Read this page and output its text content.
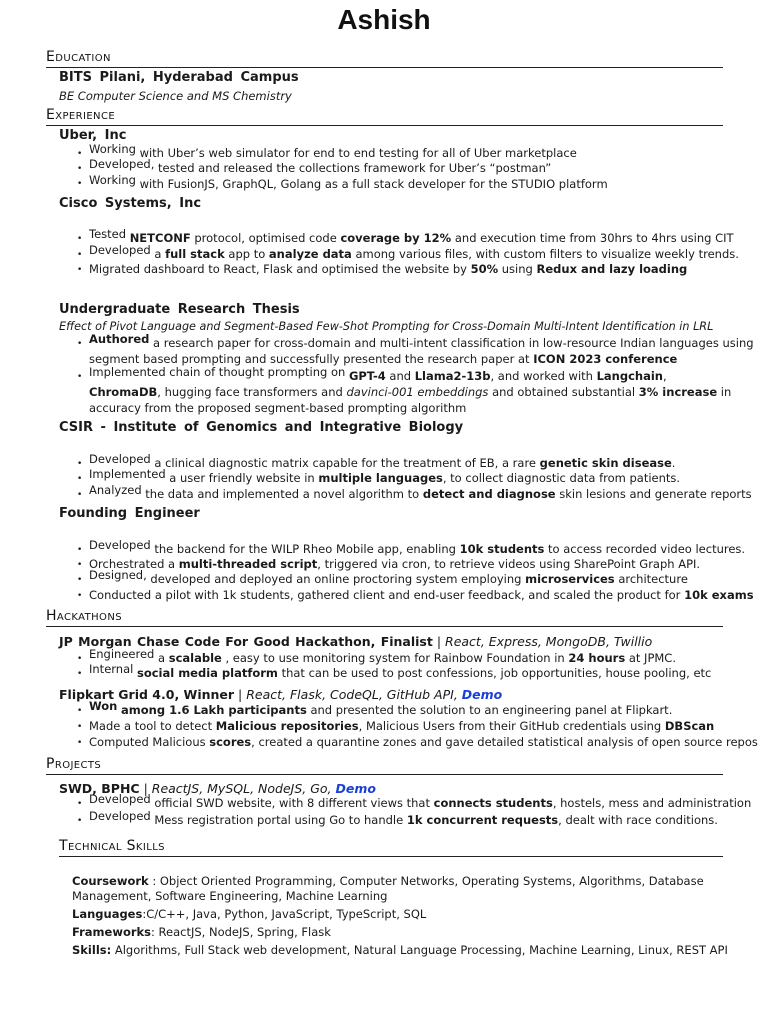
Ashish
Education
BITS Pilani, Hyderabad Campus
BE Computer Science and MS Chemistry
Experience
Uber, Inc
• Working with Uber’s web simulator for end to end testing for all of Uber marketplace
• Developed, tested and released the collections framework for Uber’s “postman”
• Working with FusionJS, GraphQL, Golang as a full stack developer for the STUDIO platform
Cisco Systems, Inc
• Tested NETCONF protocol, optimised code coverage by 12% and execution time from 30hrs to 4hrs using CIT
• Developed a full stack app to analyze data among various files, with custom filters to visualize weekly trends.
• Migrated dashboard to React, Flask and optimised the website by 50% using Redux and lazy loading
Undergraduate Research Thesis
Effect of Pivot Language and Segment-Based Few-Shot Prompting for Cross-Domain Multi-Intent Identification in LRL
• Authored a research paper for cross-domain and multi-intent classification in low-resource Indian languages using
segment based prompting and successfully presented the research paper at ICON 2023 conference
• Implemented chain of thought prompting on GPT-4 and Llama2-13b, and worked with Langchain,
ChromaDB, hugging face transformers and davinci-001 embeddings and obtained substantial 3% increase in
accuracy from the proposed segment-based prompting algorithm
CSIR - Institute of Genomics and Integrative Biology
• Developed a clinical diagnostic matrix capable for the treatment of EB, a rare genetic skin disease.
• Implemented a user friendly website in multiple languages, to collect diagnostic data from patients.
• Analyzed the data and implemented a novel algorithm to detect and diagnose skin lesions and generate reports
Founding Engineer
• Developed the backend for the WILP Rheo Mobile app, enabling 10k students to access recorded video lectures.
• Orchestrated a multi-threaded script, triggered via cron, to retrieve videos using SharePoint Graph API.
• Designed, developed and deployed an online proctoring system employing microservices architecture
• Conducted a pilot with 1k students, gathered client and end-user feedback, and scaled the product for 10k exams
Hackathons
JP Morgan Chase Code For Good Hackathon, Finalist | React, Express, MongoDB, Twillio
• Engineered a scalable , easy to use monitoring system for Rainbow Foundation in 24 hours at JPMC.
• Internal social media platform that can be used to post confessions, job opportunities, house pooling, etc
Flipkart Grid 4.0, Winner | React, Flask, CodeQL, GitHub API, Demo
• Won among 1.6 Lakh participants and presented the solution to an engineering panel at Flipkart.
• Made a tool to detect Malicious repositories, Malicious Users from their GitHub credentials using DBScan
• Computed Malicious scores, created a quarantine zones and gave detailed statistical analysis of open source repos
Projects
SWD, BPHC | ReactJS, MySQL, NodeJS, Go, Demo
• Developed official SWD website, with 8 different views that connects students, hostels, mess and administration
• Developed Mess registration portal using Go to handle 1k concurrent requests, dealt with race conditions.
Technical Skills
Coursework : Object Oriented Programming, Computer Networks, Operating Systems, Algorithms, Database
Management, Software Engineering, Machine Learning
Languages:C/C++, Java, Python, JavaScript, TypeScript, SQL
Frameworks: ReactJS, NodeJS, Spring, Flask
Skills: Algorithms, Full Stack web development, Natural Language Processing, Machine Learning, Linux, REST API
